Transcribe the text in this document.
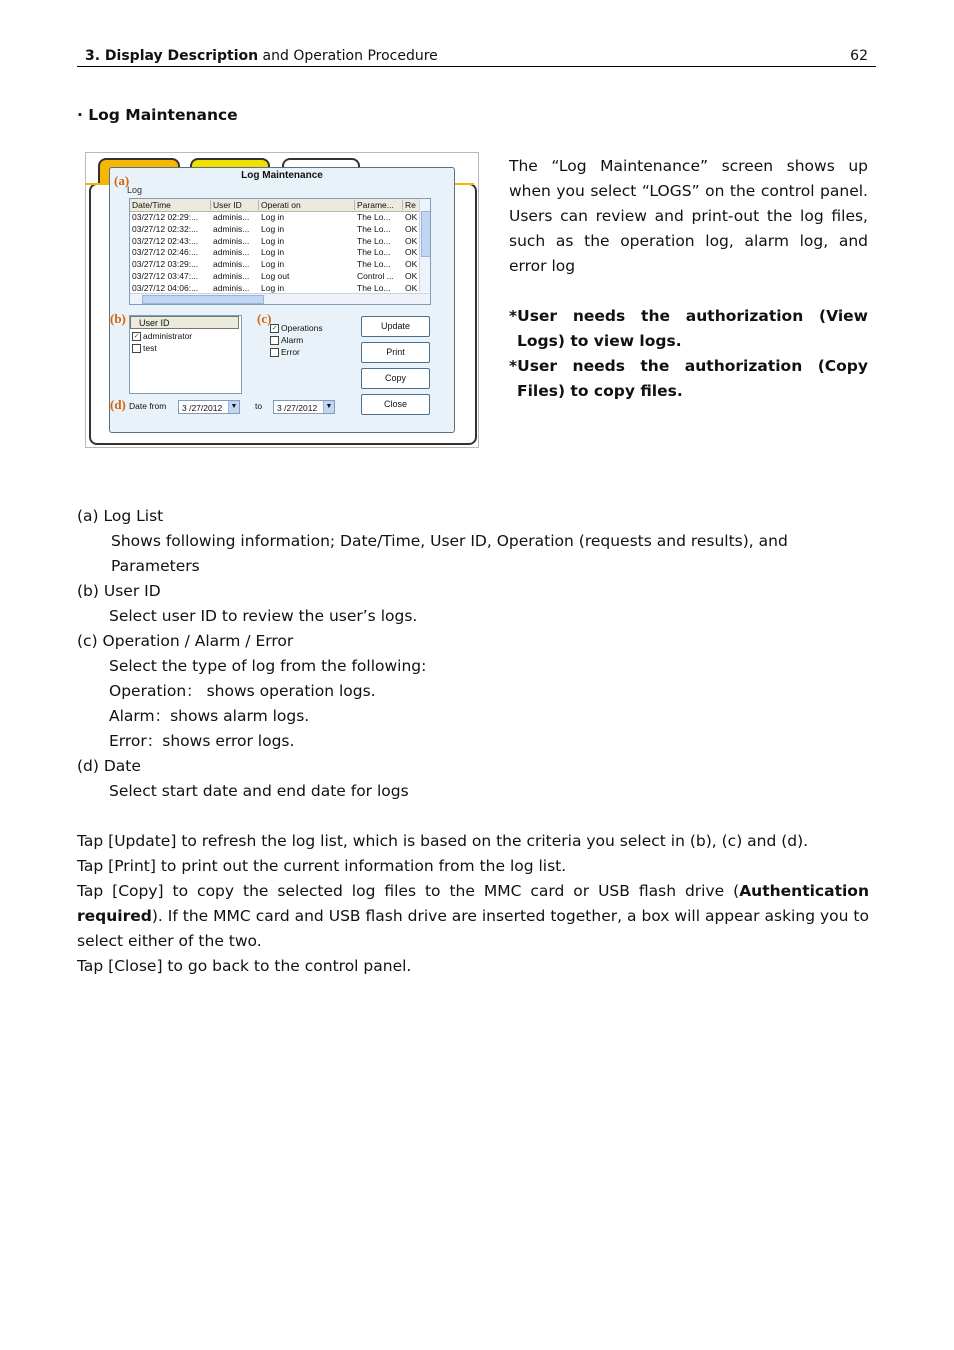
3. Display Description and Operation Procedure	62
· Log Maintenance
Log Maintenance
Log
Date/Time	User ID	Operati on	Parame...	Re
03/27/12 02:29:...	adminis...	Log in	The Lo...	OK
03/27/12 02:32:...	adminis...	Log in	The Lo...	OK
03/27/12 02:43:...	adminis...	Log in	The Lo...	OK
03/27/12 02:46:...	adminis...	Log in	The Lo...	OK
03/27/12 03:29:...	adminis...	Log in	The Lo...	OK
03/27/12 03:47:...	adminis...	Log out	Control ...	OK
03/27/12 04:06:...	adminis...	Log in	The Lo...	OK
User ID
✓ administrator
test
✓ Operations
Alarm
Error
Update
Print
Copy
Close
Date from	3 /27/2012	▼ to	3 /27/2012	▼
(a)
(b)	(c)
(d)

The “Log Maintenance” screen shows up when you select “LOGS” on the control panel. Users can review and print-out the log files, such as the operation log, alarm log, and error log

*User needs the authorization (View Logs) to view logs.

*User needs the authorization (Copy Files) to copy files.

(a) Log List

Shows following information; Date/Time, User ID, Operation (requests and results), and Parameters

(b) User ID

Select user ID to review the user’s logs.

(c) Operation / Alarm / Error

Select the type of log from the following:

Operation： shows operation logs.

Alarm：shows alarm logs.

Error：shows error logs.

(d) Date

Select start date and end date for logs

Tap [Update] to refresh the log list, which is based on the criteria you select in (b), (c) and (d).

Tap [Print] to print out the current information from the log list.

Tap [Copy] to copy the selected log files to the MMC card or USB flash drive (Authentication required). If the MMC card and USB flash drive are inserted together, a box will appear asking you to select either of the two.

Tap [Close] to go back to the control panel.
